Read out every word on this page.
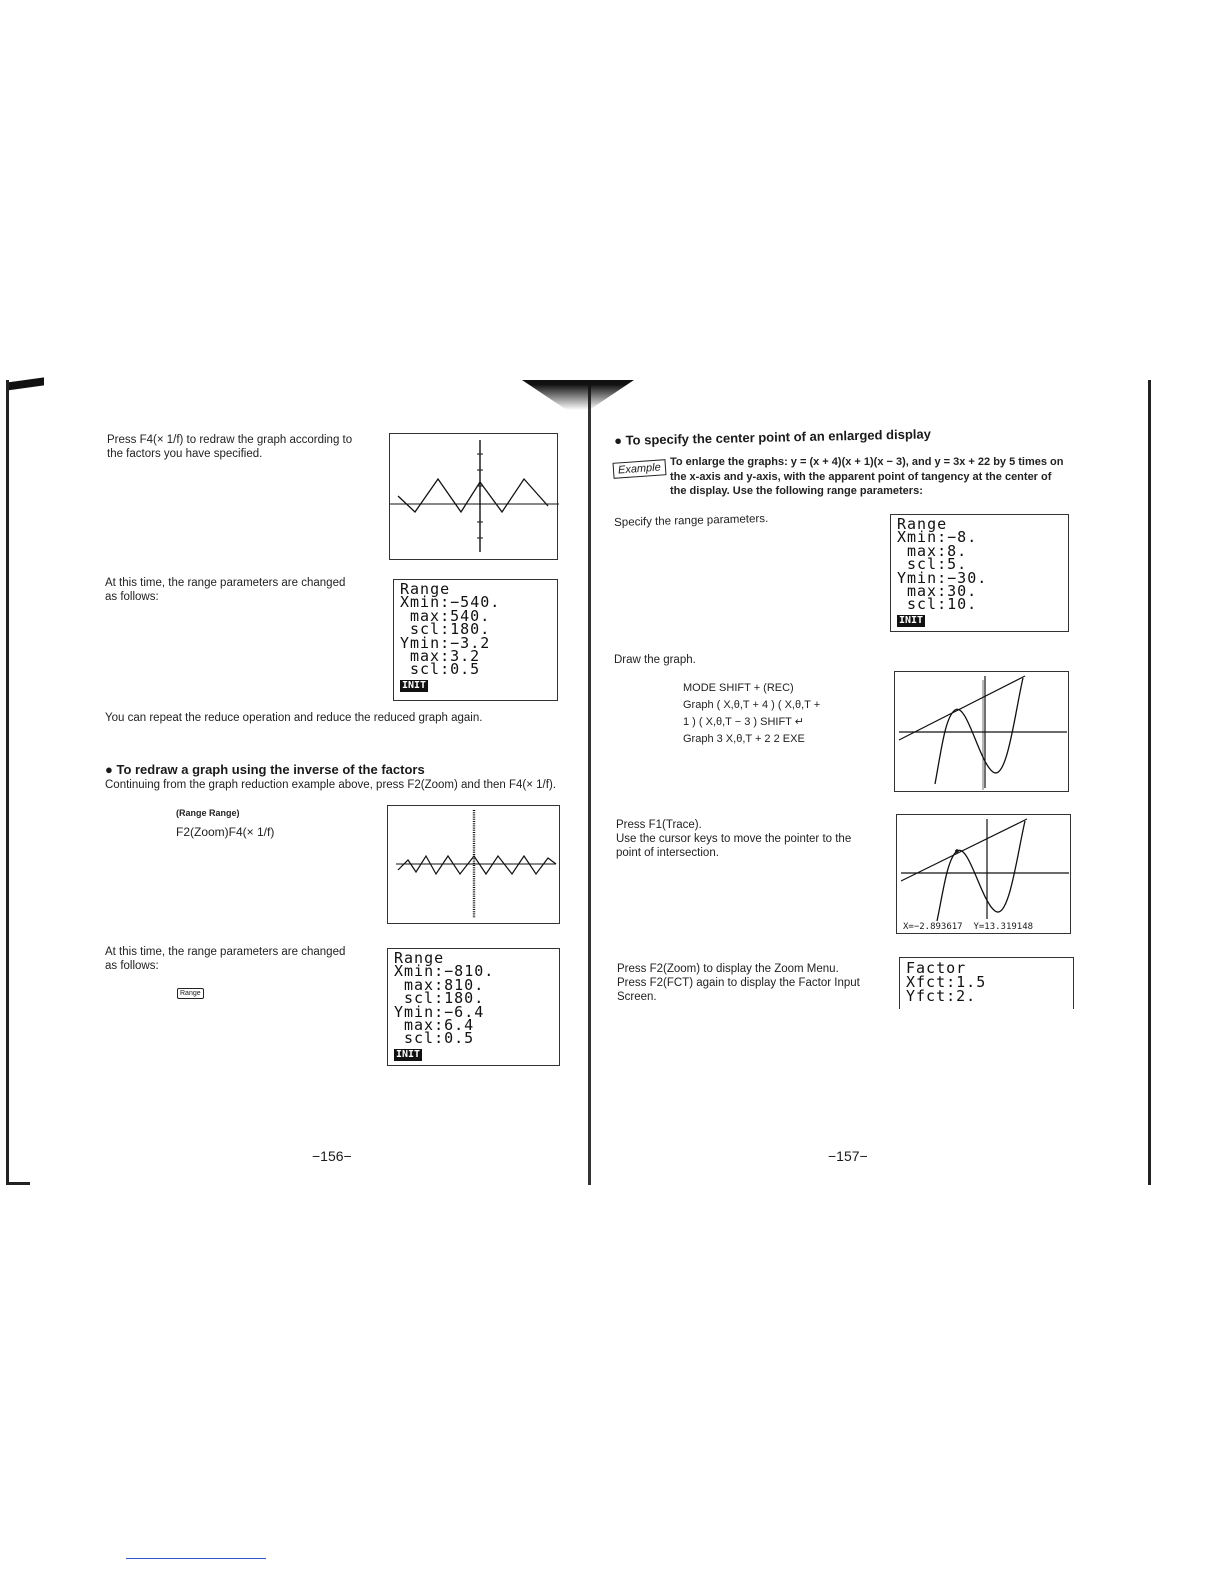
Press F4(× 1/f) to redraw the graph according to the factors you have specified.
At this time, the range parameters are changed as follows:	Range
Xmin:−540.
max:540.
scl:180.
Ymin:−3.2
max:3.2
scl:0.5
INIT
You can repeat the reduce operation and reduce the reduced graph again.
● To redraw a graph using the inverse of the factors
Continuing from the graph reduction example above, press F2(Zoom) and then F4(× 1/f).
(Range Range)
F2(Zoom)F4(× 1/f)
At this time, the range parameters are changed as follows:
Range
Range
Xmin:−810.
max:810.
scl:180.
Ymin:−6.4
max:6.4
scl:0.5
INIT
−156−
● To specify the center point of an enlarged display
Example To enlarge the graphs: y = (x + 4)(x + 1)(x − 3), and y = 3x + 22 by 5 times on the x-axis and y-axis, with the apparent point of tangency at the center of the display. Use the following range parameters:
Specify the range parameters.	Range
Xmin:−8.
max:8.
scl:5.
Ymin:−30.
max:30.
scl:10.
INIT
Draw the graph.
MODE SHIFT + (REC)
Graph ( X,θ,T + 4 ) ( X,θ,T +
1 ) ( X,θ,T − 3 ) SHIFT ↵
Graph 3 X,θ,T + 2 2 EXE
Press F1(Trace).
Use the cursor keys to move the pointer to the point of intersection.
X=−2.893617  Y=13.319148
Press F2(Zoom) to display the Zoom Menu.
Press F2(FCT) again to display the Factor Input Screen.
Factor
Xfct:1.5
Yfct:2.
−157−
